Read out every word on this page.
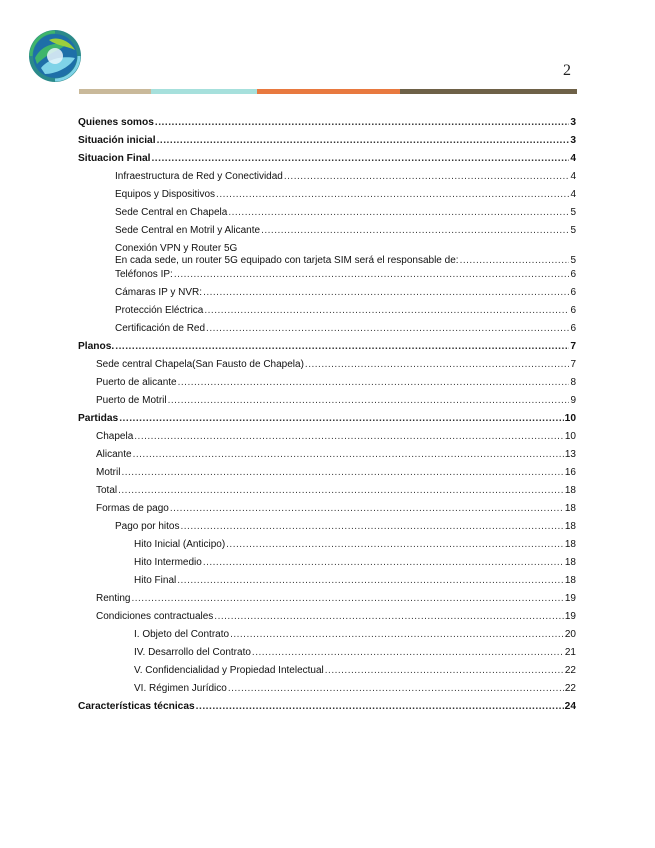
2
Quienes somos .....	3
Situación inicial .....	3
Situacion Final .....	4
Infraestructura de Red y Conectividad .....	4
Equipos y Dispositivos .....	4
Sede Central en Chapela .....	5
Sede Central en Motril y Alicante .....	5
Conexión VPN y Router 5G
En cada sede, un router 5G equipado con tarjeta SIM será el responsable de: .....	5
Teléfonos IP: .....	6
Cámaras IP y NVR: .....	6
Protección Eléctrica .....	6
Certificación de Red .....	6
Planos. .....	7
Sede central Chapela(San Fausto de Chapela) .....	7
Puerto de alicante .....	8
Puerto de Motril .....	9
Partidas .....	10
Chapela .....	10
Alicante .....	13
Motril .....	16
Total .....	18
Formas de pago .....	18
Pago por hitos .....	18
Hito Inicial (Anticipo) .....	18
Hito Intermedio .....	18
Hito Final .....	18
Renting .....	19
Condiciones contractuales .....	19
I. Objeto del Contrato .....	20
IV. Desarrollo del Contrato .....	21
V. Confidencialidad y Propiedad Intelectual .....	22
VI. Régimen Jurídico .....	22
Características técnicas .....	24
